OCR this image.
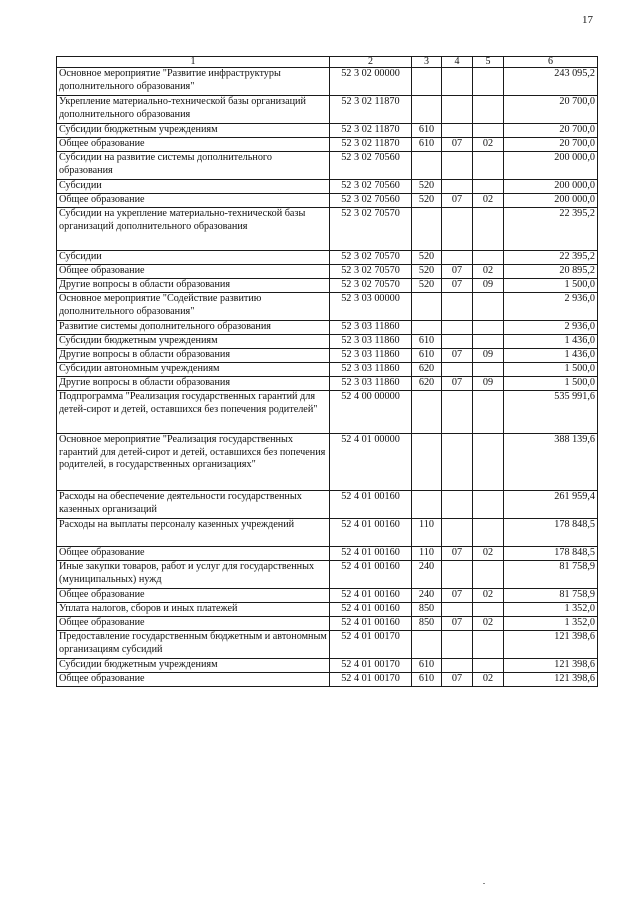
17
1	2	3	4	5	6
Основное мероприятие "Развитие инфраструктуры дополнительного образования"	52 3 02 00000				243 095,2
Укрепление материально-технической базы организаций дополнительного образования	52 3 02 11870				20 700,0
Субсидии бюджетным учреждениям	52 3 02 11870	610			20 700,0
Общее образование	52 3 02 11870	610	07	02	20 700,0
Субсидии на развитие системы дополнительного образования	52 3 02 70560				200 000,0
Субсидии	52 3 02 70560	520			200 000,0
Общее образование	52 3 02 70560	520	07	02	200 000,0
Субсидии на укрепление материально-технической базы организаций дополнительного образования	52 3 02 70570				22 395,2
Субсидии	52 3 02 70570	520			22 395,2
Общее образование	52 3 02 70570	520	07	02	20 895,2
Другие вопросы в области образования	52 3 02 70570	520	07	09	1 500,0
Основное мероприятие "Содействие развитию дополнительного образования"	52 3 03 00000				2 936,0
Развитие системы дополнительного образования	52 3 03 11860				2 936,0
Субсидии бюджетным учреждениям	52 3 03 11860	610			1 436,0
Другие вопросы в области образования	52 3 03 11860	610	07	09	1 436,0
Субсидии автономным учреждениям	52 3 03 11860	620			1 500,0
Другие вопросы в области образования	52 3 03 11860	620	07	09	1 500,0
Подпрограмма "Реализация государственных гарантий для детей-сирот и детей, оставшихся без попечения родителей"	52 4 00 00000				535 991,6
Основное мероприятие "Реализация государственных гарантий для детей-сирот и детей, оставшихся без попечения родителей, в государственных организациях"	52 4 01 00000				388 139,6
Расходы на обеспечение деятельности государственных казенных организаций	52 4 01 00160				261 959,4
Расходы на выплаты персоналу казенных учреждений	52 4 01 00160	110			178 848,5
Общее образование	52 4 01 00160	110	07	02	178 848,5
Иные закупки товаров, работ и услуг для государственных (муниципальных) нужд	52 4 01 00160	240			81 758,9
Общее образование	52 4 01 00160	240	07	02	81 758,9
Уплата налогов, сборов и иных платежей	52 4 01 00160	850			1 352,0
Общее образование	52 4 01 00160	850	07	02	1 352,0
Предоставление государственным бюджетным и автономным организациям субсидий	52 4 01 00170				121 398,6
Субсидии бюджетным учреждениям	52 4 01 00170	610			121 398,6
Общее образование	52 4 01 00170	610	07	02	121 398,6
